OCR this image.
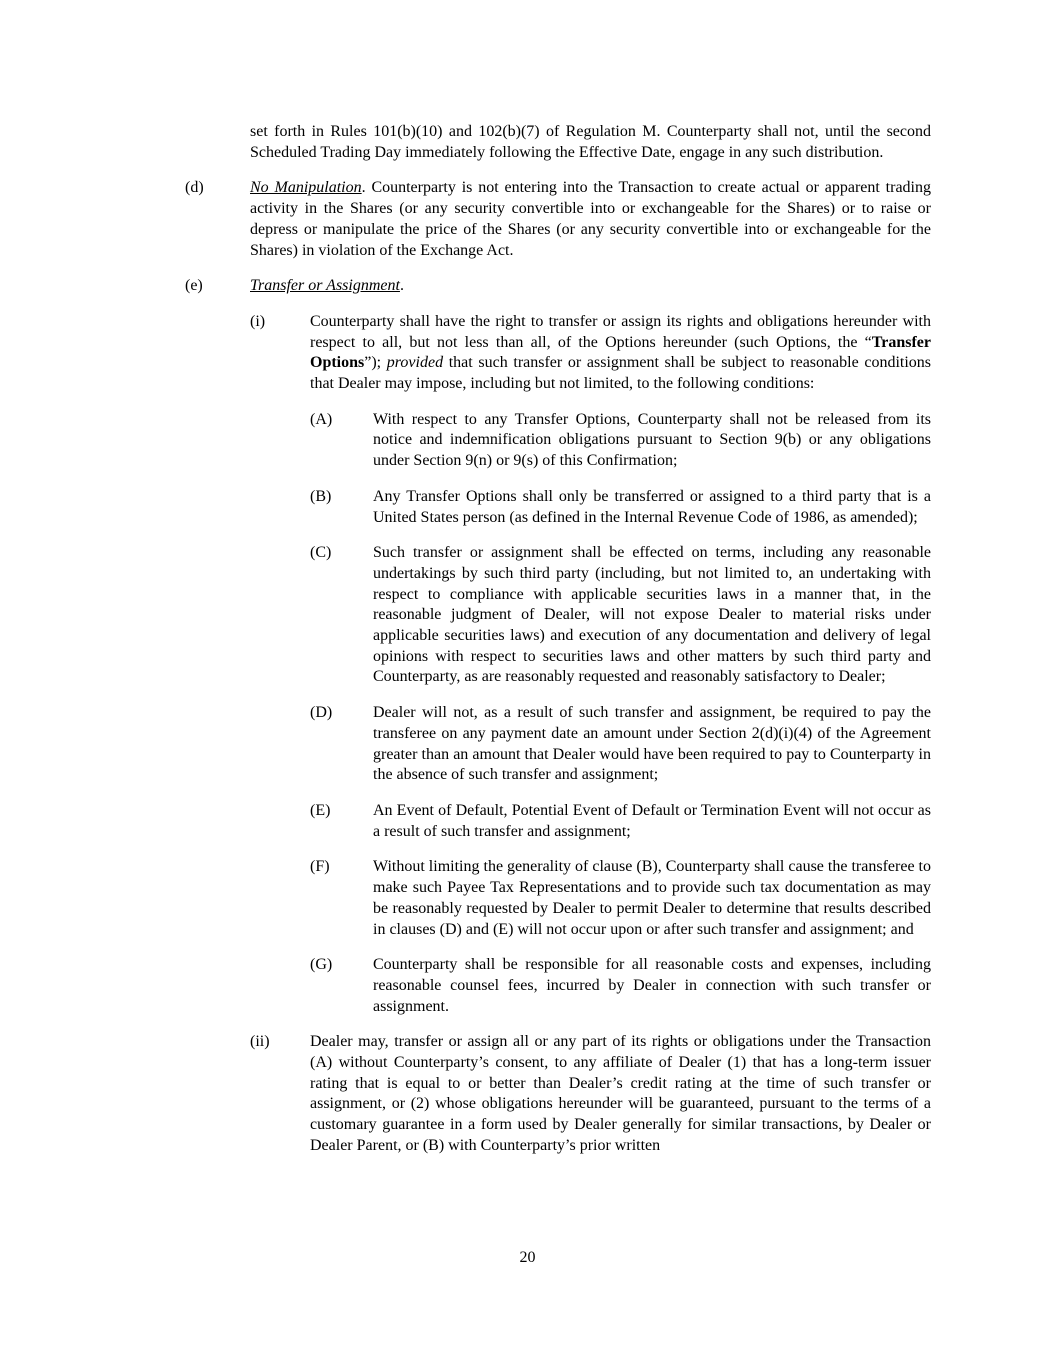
set forth in Rules 101(b)(10) and 102(b)(7) of Regulation M. Counterparty shall not, until the second Scheduled Trading Day immediately following the Effective Date, engage in any such distribution.
(d)	No Manipulation. Counterparty is not entering into the Transaction to create actual or apparent trading activity in the Shares (or any security convertible into or exchangeable for the Shares) or to raise or depress or manipulate the price of the Shares (or any security convertible into or exchangeable for the Shares) in violation of the Exchange Act.
(e)	Transfer or Assignment.
(i)	Counterparty shall have the right to transfer or assign its rights and obligations hereunder with respect to all, but not less than all, of the Options hereunder (such Options, the “Transfer Options”); provided that such transfer or assignment shall be subject to reasonable conditions that Dealer may impose, including but not limited, to the following conditions:
(A)	With respect to any Transfer Options, Counterparty shall not be released from its notice and indemnification obligations pursuant to Section 9(b) or any obligations under Section 9(n) or 9(s) of this Confirmation;
(B)	Any Transfer Options shall only be transferred or assigned to a third party that is a United States person (as defined in the Internal Revenue Code of 1986, as amended);
(C)	Such transfer or assignment shall be effected on terms, including any reasonable undertakings by such third party (including, but not limited to, an undertaking with respect to compliance with applicable securities laws in a manner that, in the reasonable judgment of Dealer, will not expose Dealer to material risks under applicable securities laws) and execution of any documentation and delivery of legal opinions with respect to securities laws and other matters by such third party and Counterparty, as are reasonably requested and reasonably satisfactory to Dealer;
(D)	Dealer will not, as a result of such transfer and assignment, be required to pay the transferee on any payment date an amount under Section 2(d)(i)(4) of the Agreement greater than an amount that Dealer would have been required to pay to Counterparty in the absence of such transfer and assignment;
(E)	An Event of Default, Potential Event of Default or Termination Event will not occur as a result of such transfer and assignment;
(F)	Without limiting the generality of clause (B), Counterparty shall cause the transferee to make such Payee Tax Representations and to provide such tax documentation as may be reasonably requested by Dealer to permit Dealer to determine that results described in clauses (D) and (E) will not occur upon or after such transfer and assignment; and
(G)	Counterparty shall be responsible for all reasonable costs and expenses, including reasonable counsel fees, incurred by Dealer in connection with such transfer or assignment.
(ii)	Dealer may, transfer or assign all or any part of its rights or obligations under the Transaction (A) without Counterparty’s consent, to any affiliate of Dealer (1) that has a long-term issuer rating that is equal to or better than Dealer’s credit rating at the time of such transfer or assignment, or (2) whose obligations hereunder will be guaranteed, pursuant to the terms of a customary guarantee in a form used by Dealer generally for similar transactions, by Dealer or Dealer Parent, or (B) with Counterparty’s prior written
20
